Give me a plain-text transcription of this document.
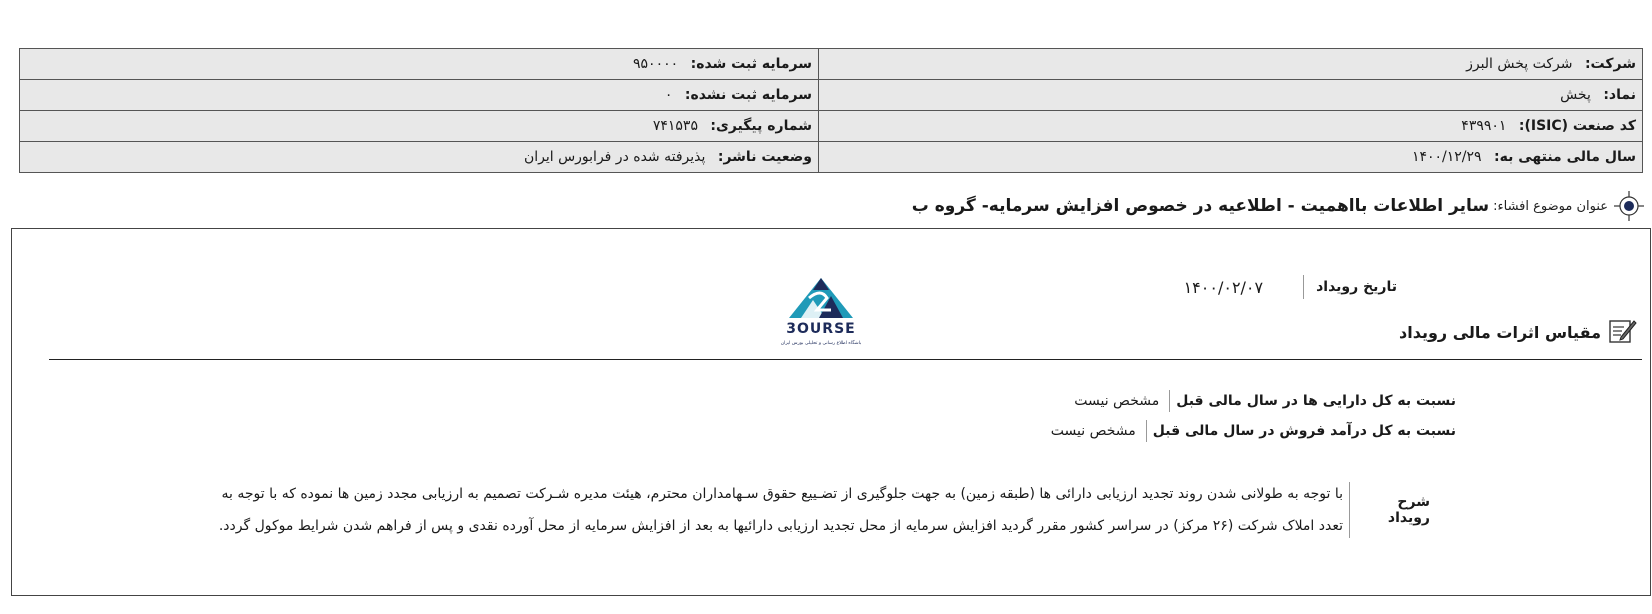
شرکت: شرکت پخش البرز	سرمایه ثبت شده: ۹۵۰۰۰۰
نماد: پخش	سرمایه ثبت نشده: ۰
کد صنعت (ISIC): ۴۳۹۹۰۱	شماره پیگیری: ۷۴۱۵۳۵
سال مالی منتهی به: ۱۴۰۰/۱۲/۲۹	وضعیت ناشر: پذیرفته شده در فرابورس ایران
عنوان موضوع افشاء:
سایر اطلاعات بااهمیت - اطلاعیه در خصوص افزایش سرمایه- گروه ب
تاریخ رویداد
۱۴۰۰/۰۲/۰۷
3OURSE
باشگاه اطلاع رسانی و تحلیلی بورس ایران
مقیاس اثرات مالی رویداد
نسبت به کل دارایی ها در سال مالی قبل
مشخص نیست
نسبت به کل درآمد فروش در سال مالی قبل
مشخص نیست
شرح رویداد
با توجه به طولانی شدن روند تجدید ارزیابی دارائی ها (طبقه زمین) به جهت جلوگیری از تضـییع حقوق سـهامداران محترم، هیئت مدیره شـرکت تصمیم به ارزیابی مجدد زمین ها نموده که با توجه به تعدد املاک شرکت (۲۶ مرکز) در سراسر کشور مقرر گردید افزایش سرمایه از محل تجدید ارزیابی دارائیها به بعد از افزایش سرمایه از محل آورده نقدی و پس از فراهم شدن شرایط موکول گردد.
